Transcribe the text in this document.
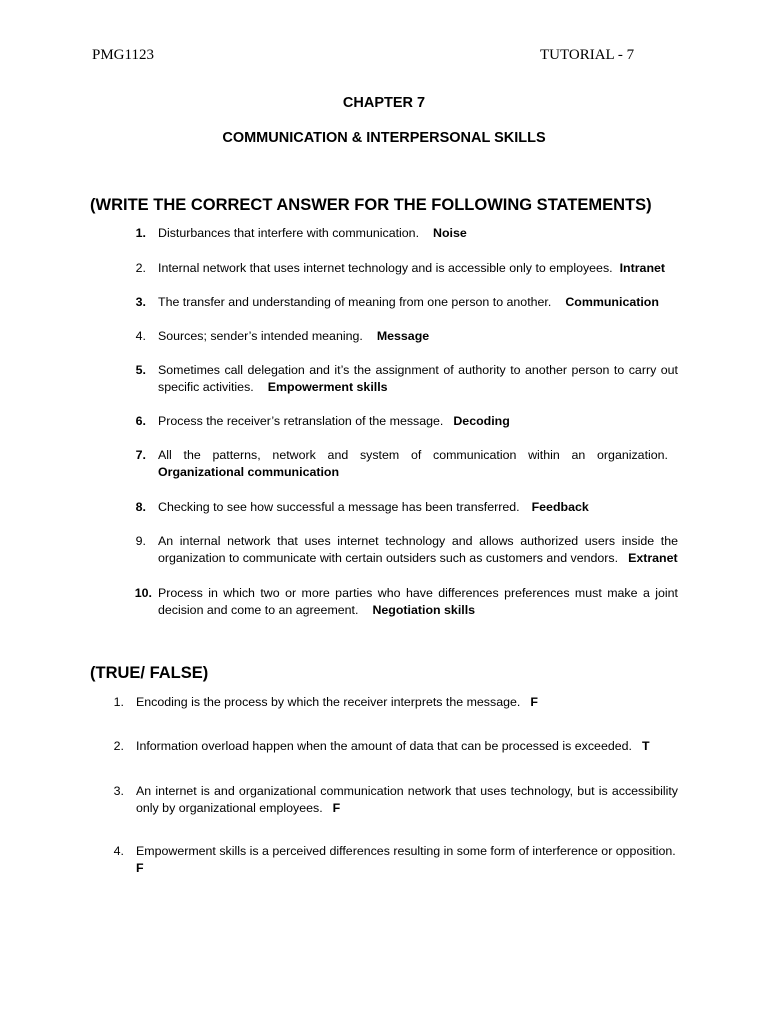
PMG1123	TUTORIAL - 7
CHAPTER 7
COMMUNICATION & INTERPERSONAL SKILLS
(WRITE THE CORRECT ANSWER FOR THE FOLLOWING STATEMENTS)
1. Disturbances that interfere with communication. Noise
2. Internal network that uses internet technology and is accessible only to employees. Intranet
3. The transfer and understanding of meaning from one person to another. Communication
4. Sources; sender’s intended meaning. Message
5. Sometimes call delegation and it’s the assignment of authority to another person to carry out specific activities. Empowerment skills
6. Process the receiver’s retranslation of the message. Decoding
7. All the patterns, network and system of communication within an organization.Organizational communication
8. Checking to see how successful a message has been transferred. Feedback
9. An internal network that uses internet technology and allows authorized users inside the organization to communicate with certain outsiders such as customers and vendors. Extranet
10. Process in which two or more parties who have differences preferences must make a joint decision and come to an agreement. Negotiation skills
(TRUE/ FALSE)
1. Encoding is the process by which the receiver interprets the message. F
2. Information overload happen when the amount of data that can be processed is exceeded. T
3. An internet is and organizational communication network that uses technology, but is accessibility only by organizational employees. F
4. Empowerment skills is a perceived differences resulting in some form of interference or opposition.
F
